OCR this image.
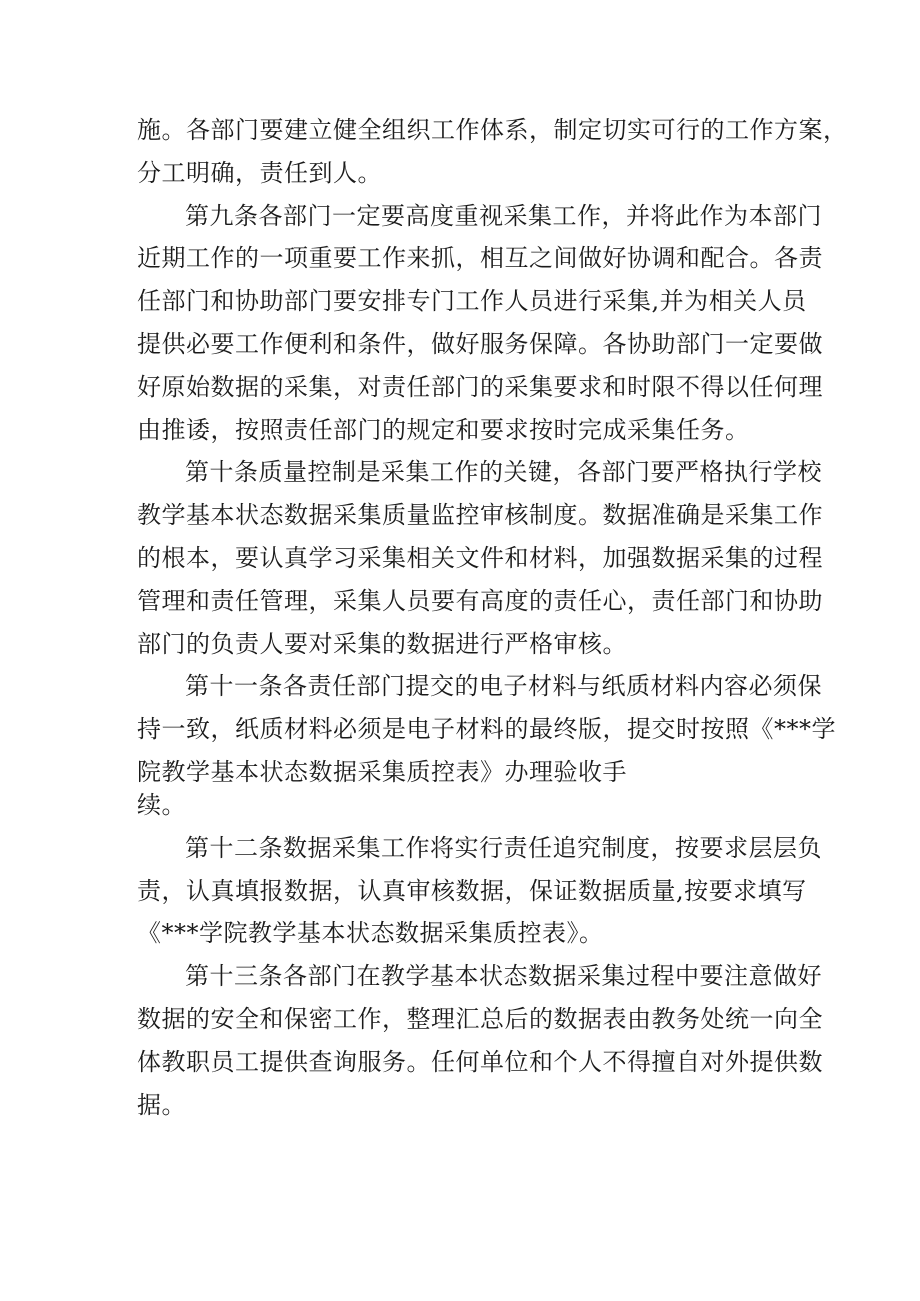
施。各部门要建立健全组织工作体系，制定切实可行的工作方案，
分工明确，责任到人。
第九条各部门一定要高度重视采集工作，并将此作为本部门
近期工作的一项重要工作来抓，相互之间做好协调和配合。各责
任部门和协助部门要安排专门工作人员进行采集,并为相关人员
提供必要工作便利和条件，做好服务保障。各协助部门一定要做
好原始数据的采集，对责任部门的采集要求和时限不得以任何理
由推诿，按照责任部门的规定和要求按时完成采集任务。
第十条质量控制是采集工作的关键，各部门要严格执行学校
教学基本状态数据采集质量监控审核制度。数据准确是采集工作
的根本，要认真学习采集相关文件和材料，加强数据采集的过程
管理和责任管理，采集人员要有高度的责任心，责任部门和协助
部门的负责人要对采集的数据进行严格审核。
第十一条各责任部门提交的电子材料与纸质材料内容必须保
持一致，纸质材料必须是电子材料的最终版，提交时按照《***学
院教学基本状态数据采集质控表》办理验收手
续。
第十二条数据采集工作将实行责任追究制度，按要求层层负
责，认真填报数据，认真审核数据，保证数据质量,按要求填写
《***学院教学基本状态数据采集质控表》。
第十三条各部门在教学基本状态数据采集过程中要注意做好
数据的安全和保密工作，整理汇总后的数据表由教务处统一向全
体教职员工提供查询服务。任何单位和个人不得擅自对外提供数
据。
